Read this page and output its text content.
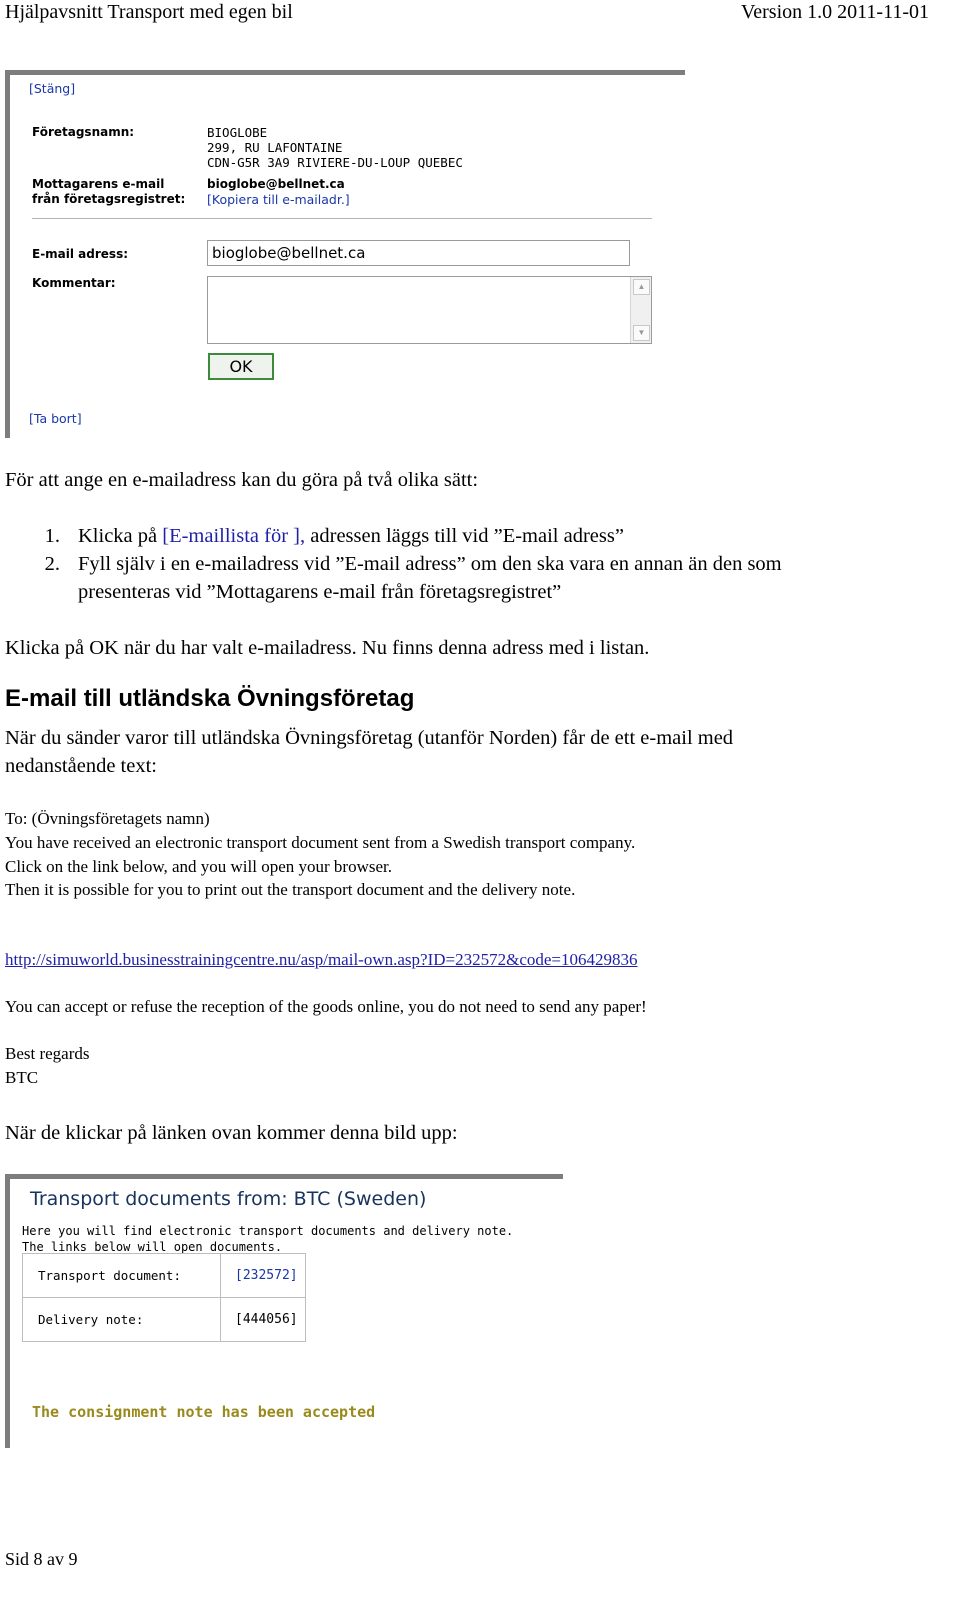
Hjälpavsnitt Transport med egen bil	Version 1.0 2011-11-01
[Stäng]
Företagsnamn:	BIOGLOBE
299, RU LAFONTAINE
CDN-G5R 3A9 RIVIERE-DU-LOUP QUEBEC
Mottagarens e-mail
från företagsregistret:
bioglobe@bellnet.ca
[Kopiera till e-mailadr.]
E-mail adress:	bioglobe@bellnet.ca
Kommentar:	▲
▼
OK
[Ta bort]
För att ange en e-mailadress kan du göra på två olika sätt:
1. Klicka på [E-maillista för ], adressen läggs till vid ”E-mail adress”
2. Fyll själv i en e-mailadress vid ”E-mail adress” om den ska vara en annan än den som
presenteras vid ”Mottagarens e-mail från företagsregistret”
Klicka på OK när du har valt e-mailadress. Nu finns denna adress med i listan.
E-mail till utländska Övningsföretag
När du sänder varor till utländska Övningsföretag (utanför Norden) får de ett e-mail med
nedanstående text:
To: (Övningsföretagets namn)
You have received an electronic transport document sent from a Swedish transport company.
Click on the link below, and you will open your browser.
Then it is possible for you to print out the transport document and the delivery note.
http://simuworld.businesstrainingcentre.nu/asp/mail-own.asp?ID=232572&code=106429836
You can accept or refuse the reception of the goods online, you do not need to send any paper!
Best regards
BTC
När de klickar på länken ovan kommer denna bild upp:
Transport documents from: BTC (Sweden)
Here you will find electronic transport documents and delivery note.
The links below will open documents.
Transport document:	[232572]
Delivery note:	[444056]
The consignment note has been accepted
Sid 8 av 9
